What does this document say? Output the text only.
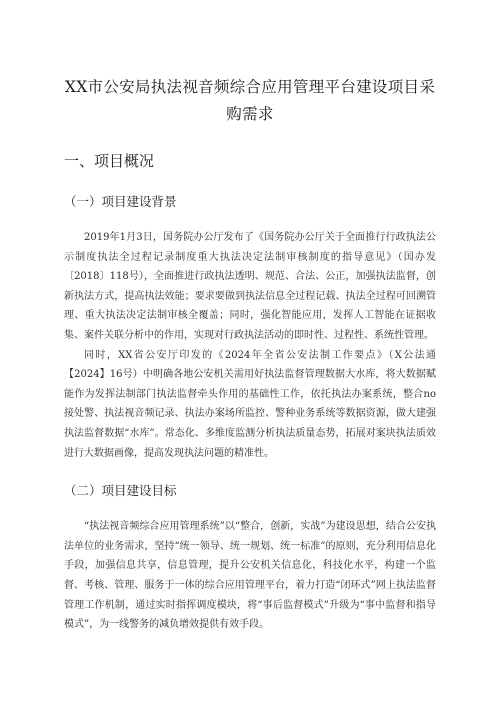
XX市公安局执法视音频综合应用管理平台建设项目采购需求
一、项目概况
（一）项目建设背景

2019年1月3日，国务院办公厅发布了《国务院办公厅关于全面推行行政执法公示制度执法全过程记录制度重大执法决定法制审核制度的指导意见》（国办发〔2018〕118号），全面推进行政执法透明、规范、合法、公正，加强执法监督，创新执法方式，提高执法效能；要求要做到执法信息全过程记载、执法全过程可回溯管理、重大执法决定法制审核全覆盖；同时，强化智能应用，发挥人工智能在证据收集、案件关联分析中的作用，实现对行政执法活动的即时性、过程性、系统性管理。

同时，XX省公安厅印发的《2024年全省公安法制工作要点》（X公法通【2024】16号）中明确各地公安机关需用好执法监督管理数据大水库，将大数据赋能作为发挥法制部门执法监督牵头作用的基础性工作，依托执法办案系统，整合no接处警、执法视音频记录、执法办案场所监控、警种业务系统等数据资源，做大建强执法监督数据“水库”。常态化、多维度监测分析执法质量态势，拓展对案块执法质效进行大数据画像，提高发现执法问题的精准性。

（二）项目建设目标

“执法视音频综合应用管理系统”以“整合，创新，实战”为建设思想，结合公安执法单位的业务需求，坚持“统一领导、统一规划、统一标准”的原则，充分利用信息化手段，加强信息共享，信息管理，提升公安机关信息化，科技化水平，构建一个监督、考核、管理、服务于一体的综合应用管理平台，着力打造“闭环式”网上执法监督管理工作机制，通过实时指挥调度模块，将“事后监督模式”升级为“事中监督和指导模式”，为一线警务的减负增效提供有效手段。
